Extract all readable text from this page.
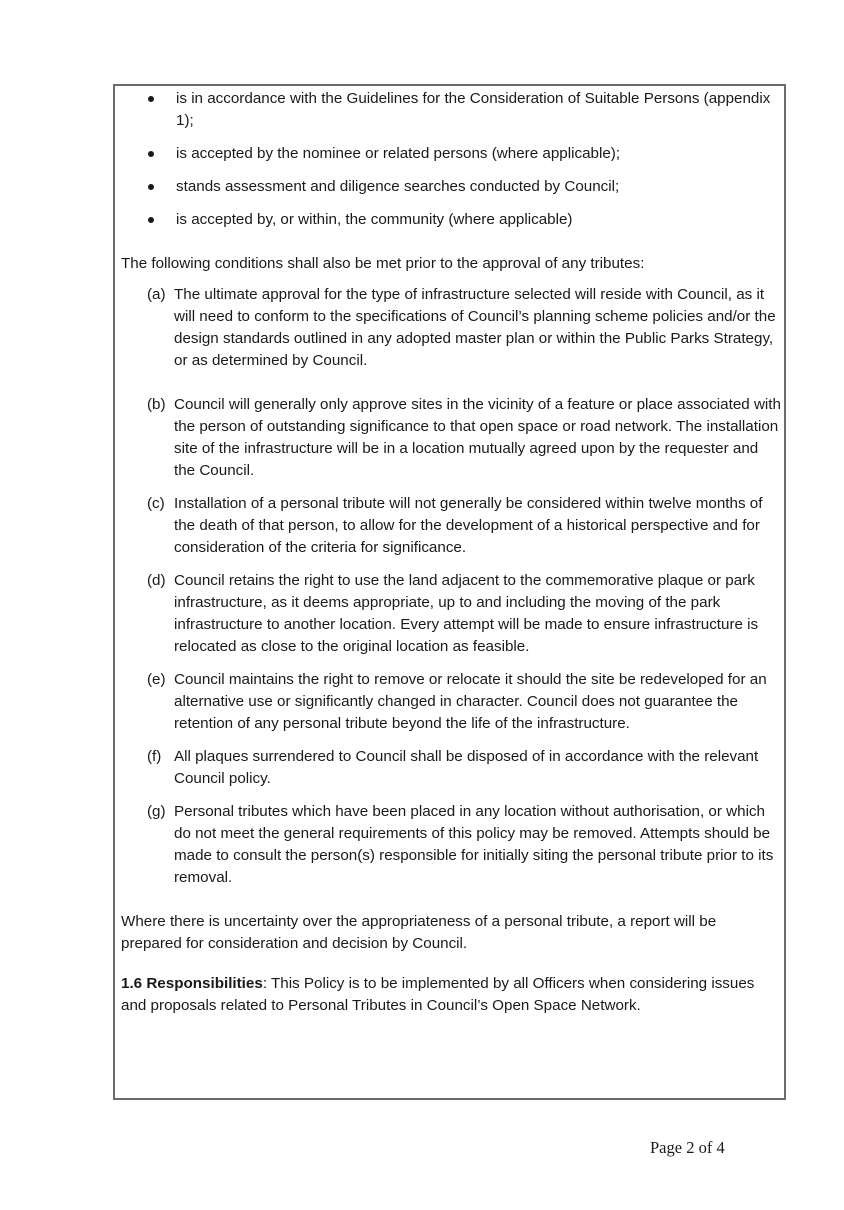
is in accordance with the Guidelines for the Consideration of Suitable Persons (appendix 1);
is accepted by the nominee or related persons (where applicable);
stands assessment and diligence searches conducted by Council;
is accepted by, or within, the community (where applicable)

The following conditions shall also be met prior to the approval of any tributes:

(a) The ultimate approval for the type of infrastructure selected will reside with Council, as it will need to conform to the specifications of Council’s planning scheme policies and/or the design standards outlined in any adopted master plan or within the Public Parks Strategy, or as determined by Council.
(b) Council will generally only approve sites in the vicinity of a feature or place associated with the person of outstanding significance to that open space or road network. The installation site of the infrastructure will be in a location mutually agreed upon by the requester and the Council.
(c) Installation of a personal tribute will not generally be considered within twelve months of the death of that person, to allow for the development of a historical perspective and for consideration of the criteria for significance.
(d) Council retains the right to use the land adjacent to the commemorative plaque or park infrastructure, as it deems appropriate, up to and including the moving of the park infrastructure to another location. Every attempt will be made to ensure infrastructure is relocated as close to the original location as feasible.
(e) Council maintains the right to remove or relocate it should the site be redeveloped for an alternative use or significantly changed in character. Council does not guarantee the retention of any personal tribute beyond the life of the infrastructure.
(f) All plaques surrendered to Council shall be disposed of in accordance with the relevant Council policy.
(g) Personal tributes which have been placed in any location without authorisation, or which do not meet the general requirements of this policy may be removed. Attempts should be made to consult the person(s) responsible for initially siting the personal tribute prior to its removal.

Where there is uncertainty over the appropriateness of a personal tribute, a report will be prepared for consideration and decision by Council.

1.6 Responsibilities: This Policy is to be implemented by all Officers when considering issues and proposals related to Personal Tributes in Council’s Open Space Network.

Page 2 of 4
